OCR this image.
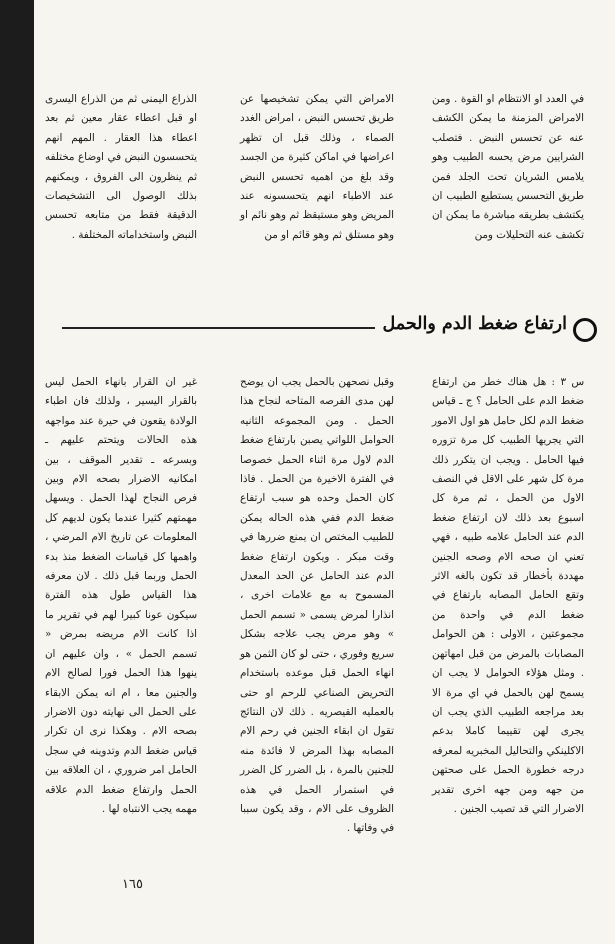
في العدد او الانتظام او القوة . ومن الامراض المزمنة ما يمكن الكشف عنه عن تحسس النبض . فتصلب الشرايين مرض يحسه الطبيب وهو يلامس الشريان تحت الجلد فمن طريق التحسس يستطيع الطبيب ان يكتشف بطريقه مباشرة ما يمكن ان تكشف عنه التحليلات ومن

الامراض التي يمكن تشخيصها عن طريق تحسس النبض ، امراض الغدد الصماء ، وذلك قبل ان تظهر اعراضها في اماكن كثيرة من الجسد وقد بلغ من اهميه تحسس النبض عند الاطباء انهم يتحسسونه عند المريض وهو مستيقظ ثم وهو نائم او وهو مستلق ثم وهو قائم او من

الذراع اليمنى ثم من الذراع اليسرى او قبل اعطاء عقار معين ثم بعد اعطاء هذا العقار . المهم انهم يتحسسون النبض في اوضاع مختلفه ثم ينظرون الى الفروق ، ويمكنهم بذلك الوصول الى التشخيصات الدقيقة فقط من متابعه تحسس النبض واستخداماته المختلفة .

ارتفاع ضغط الدم والحمل

س ٣ : هل هناك خطر من ارتفاع ضغط الدم على الحامل ؟ ج ـ قياس ضغط الدم لكل حامل هو اول الامور التي يجريها الطبيب كل مرة تزوره فيها الحامل . ويجب ان يتكرر ذلك مرة كل شهر على الاقل في النصف الاول من الحمل ، ثم مرة كل اسبوع بعد ذلك لان ارتفاع ضغط الدم عند الحامل علامه طبيه ، فهي تعني ان صحه الام وصحه الجنين مهددة بأخطار قد تكون بالغه الاثر وتقع الحامل المصابه بارتفاع في ضغط الدم في واحدة من مجموعتين ، الاولى : هن الحوامل المصابات بالمرض من قبل امهاتهن . ومثل هؤلاء الحوامل لا يجب ان يسمح لهن بالحمل في اي مرة الا بعد مراجعه الطبيب الذي يجب ان يجرى لهن تقييما كاملا بدعم الاكلينكي والتحاليل المخبريه لمعرفه درجه خطورة الحمل على صحتهن من جهه ومن جهه اخرى تقدير الاضرار التي قد تصيب الجنين .

وقبل نصحهن بالحمل يجب ان يوضح لهن مدى الفرصه المتاحه لنجاح هذا الحمل . ومن المجموعه الثانيه الحوامل اللواتي يصبن بارتفاع ضغط الدم لاول مرة اثناء الحمل خصوصا في الفترة الاخيرة من الحمل . فاذا كان الحمل وحده هو سبب ارتفاع ضغط الدم ففي هذه الحاله يمكن للطبيب المختص ان يمنع ضررها في وقت مبكر . ويكون ارتفاع ضغط الدم عند الحامل عن الحد المعدل المسموح به مع علامات اخرى ، انذارا لمرض يسمى « تسمم الحمل » وهو مرض يجب علاجه بشكل سريع وفوري ، حتى لو كان الثمن هو انهاء الحمل قبل موعده باستخدام التحريض الصناعي للرحم او حتى بالعمليه القيصريه . ذلك لان النتائج تقول ان ابقاء الجنين في رحم الام المصابه بهذا المرض لا فائدة منه للجنين بالمرة ، بل الضرر كل الضرر في استمرار الحمل في هذه الظروف على الام ، وقد يكون سببا في وفاتها .

غير ان القرار بانهاء الحمل ليس بالقرار اليسير ، ولذلك فان اطباء الولادة يقعون في حيرة عند مواجهه هذه الحالات ويتحتم عليهم ـ وبسرعه ـ تقدير الموقف ، بين امكانيه الاضرار بصحه الام وبين فرص النجاح لهذا الحمل . ويسهل مهمتهم كثيرا عندما يكون لديهم كل المعلومات عن تاريخ الام المرضي ، واهمها كل قياسات الضغط منذ بدء الحمل وربما قبل ذلك . لان معرفه هذا القياس طول هذه الفترة سيكون عونا كبيرا لهم في تقرير ما اذا كانت الام مريضه بمرض « تسمم الحمل » ، وان عليهم ان ينهوا هذا الحمل فورا لصالح الام والجنين معا ، ام انه يمكن الابقاء على الحمل الى نهايته دون الاضرار بصحه الام . وهكذا نرى ان تكرار قياس ضغط الدم وتدوينه في سجل الحامل امر ضروري ، ان العلاقه بين الحمل وارتفاع ضغط الدم علاقه مهمه يجب الانتباه لها .

١٦٥
